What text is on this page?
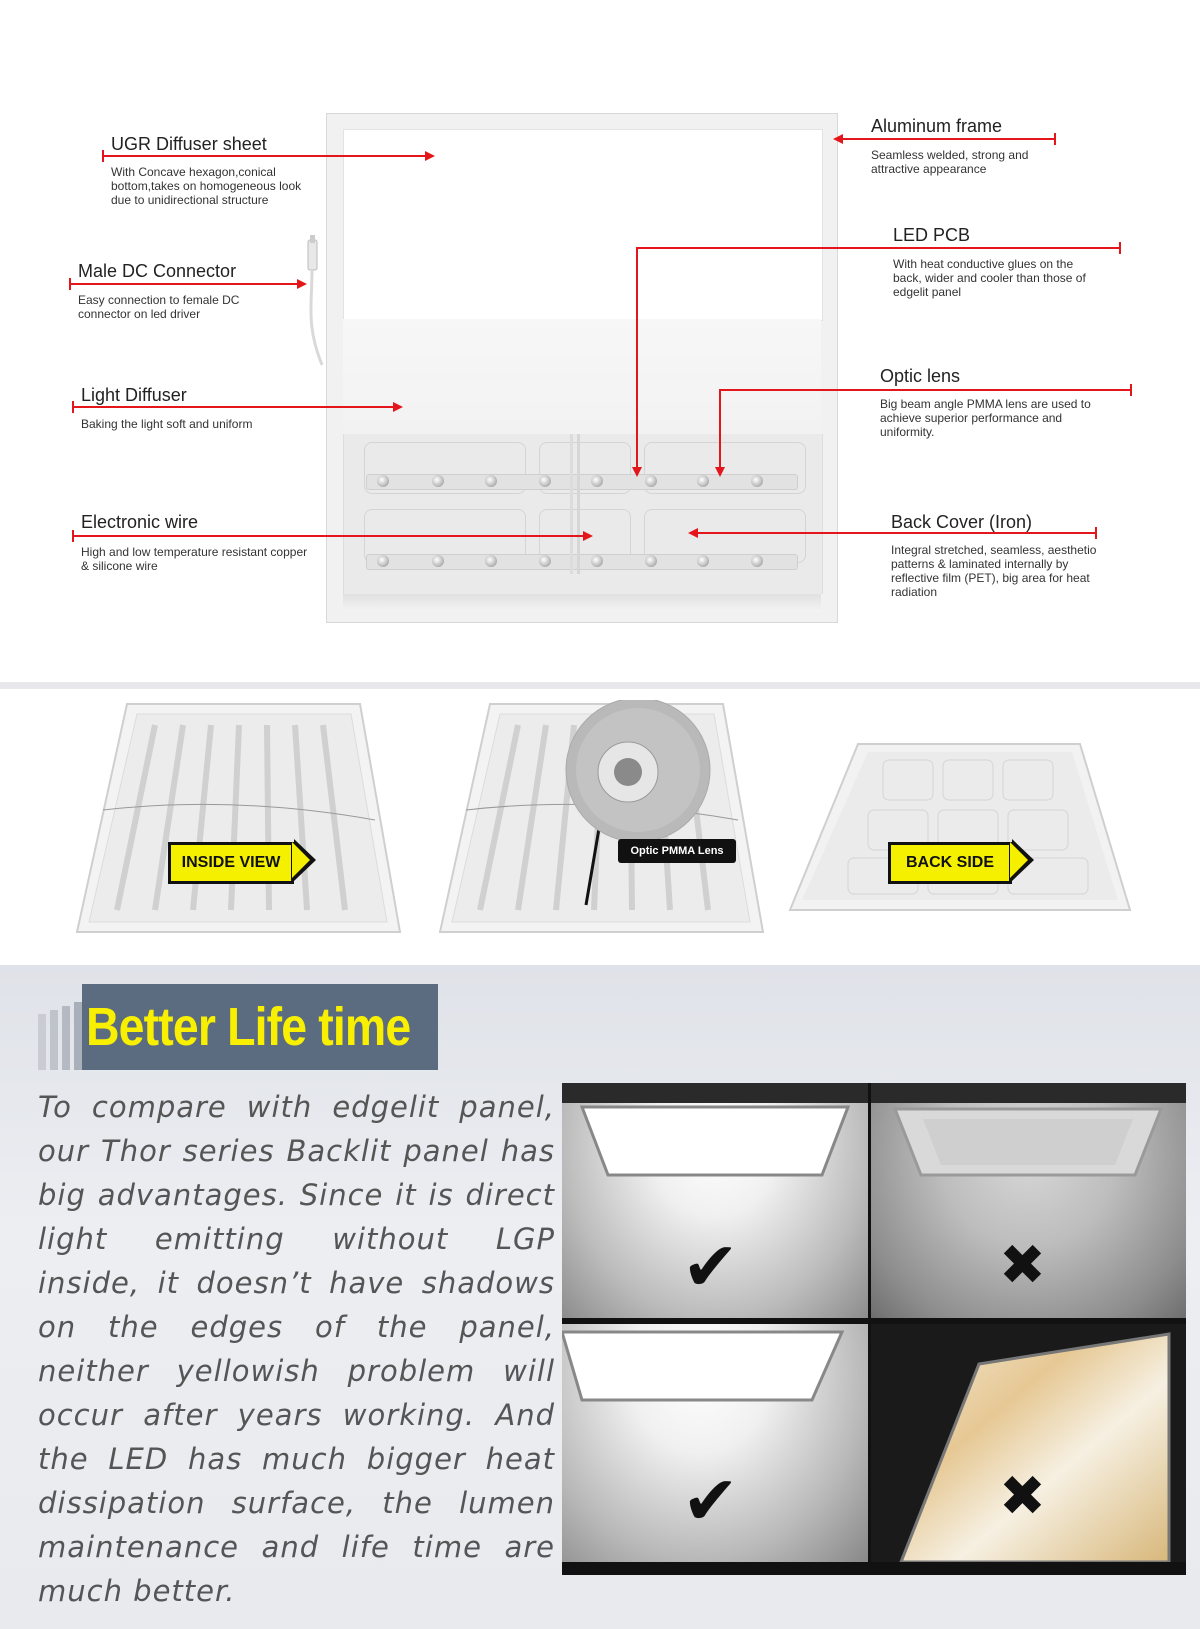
UGR Diffuser sheet
With Concave hexagon,conical bottom,takes on homogeneous look due to unidirectional structure
Male DC Connector
Easy connection to female DC connector on led driver
Light Diffuser
Baking the light soft and uniform
Electronic wire
High and low temperature resistant copper & silicone wire
Aluminum frame
Seamless welded, strong and attractive appearance
LED PCB
With heat conductive glues on the back, wider and cooler than those of edgelit panel
Optic lens
Big beam angle PMMA lens are used to achieve superior performance and uniformity.
Back Cover (Iron)
Integral stretched, seamless, aesthetio patterns & laminated internally by reflective film (PET), big area for heat radiation
INSIDE VIEW
Optic PMMA Lens
BACK SIDE
Better Life time
To compare with edgelit panel, our Thor series Backlit panel has big advantages. Since it is direct light emitting without LGP inside, it doesn’t have shadows on the edges of the panel, neither yellowish problem will occur after years working. And the LED has much bigger heat dissipation surface, the lumen maintenance and life time are much better.
✔	✖
✔	✖
